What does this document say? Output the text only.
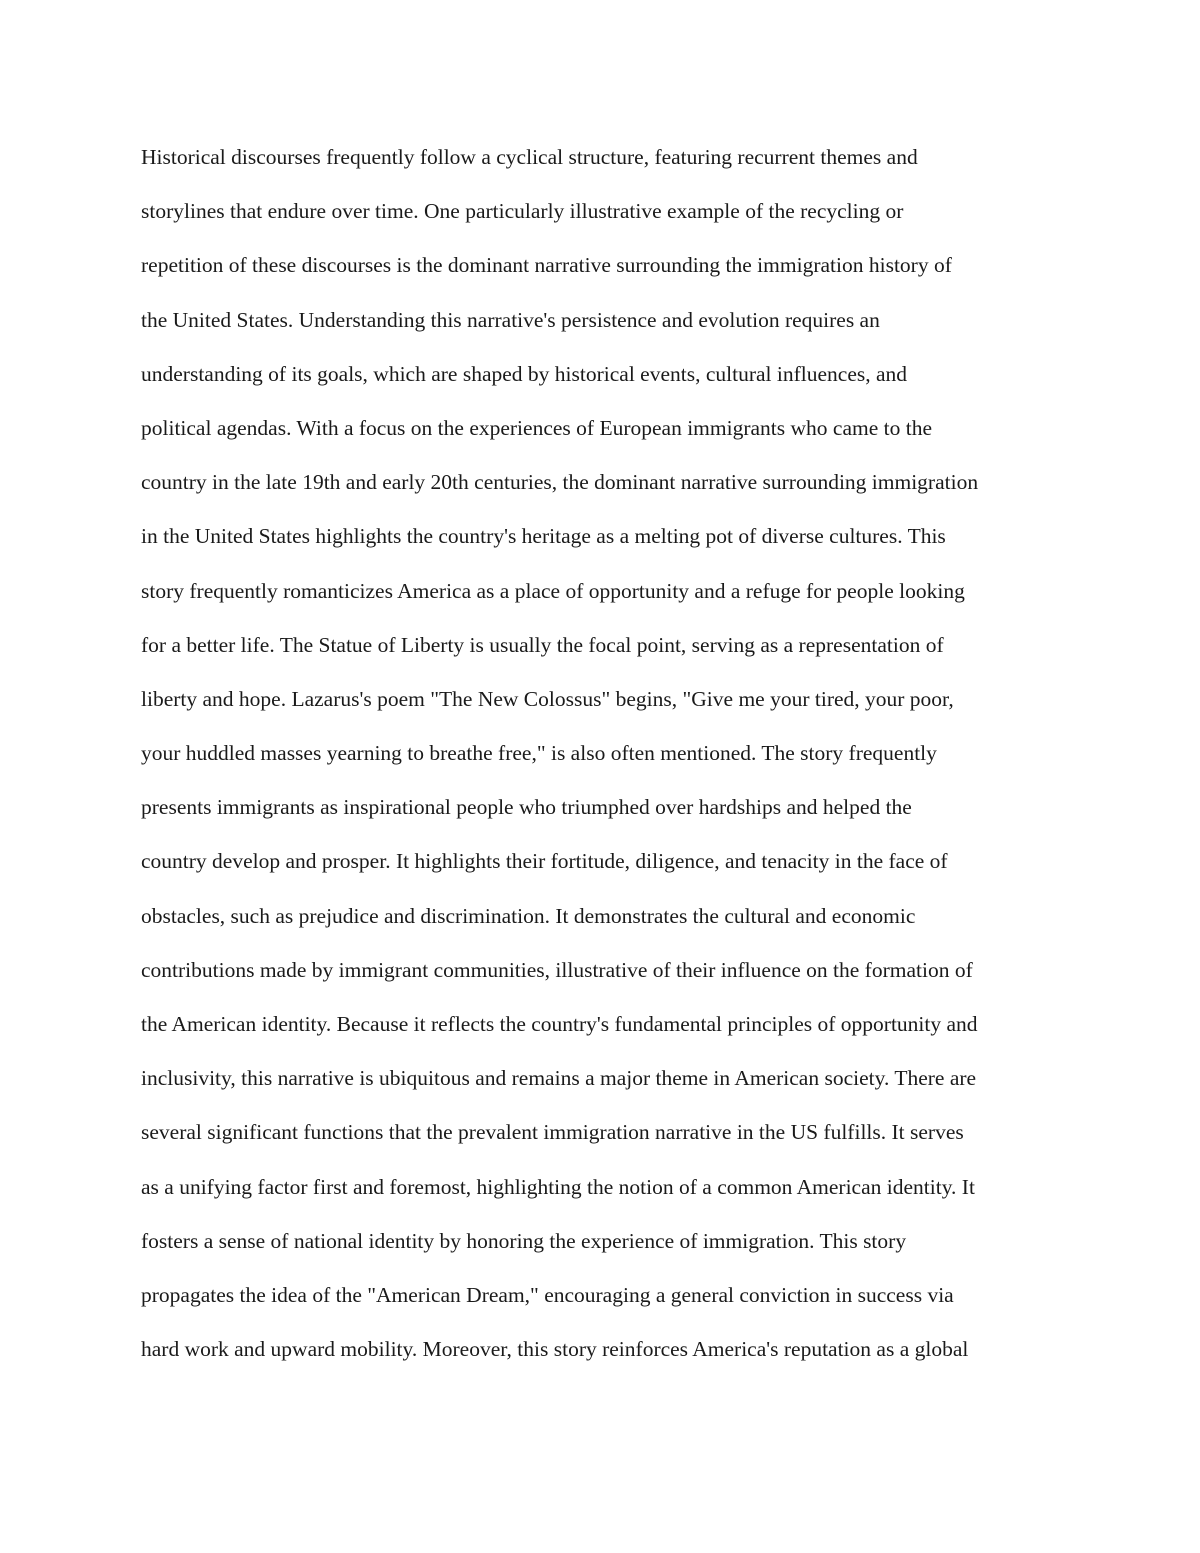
Historical discourses frequently follow a cyclical structure, featuring recurrent themes and
storylines that endure over time. One particularly illustrative example of the recycling or
repetition of these discourses is the dominant narrative surrounding the immigration history of
the United States. Understanding this narrative's persistence and evolution requires an
understanding of its goals, which are shaped by historical events, cultural influences, and
political agendas. With a focus on the experiences of European immigrants who came to the
country in the late 19th and early 20th centuries, the dominant narrative surrounding immigration
in the United States highlights the country's heritage as a melting pot of diverse cultures. This
story frequently romanticizes America as a place of opportunity and a refuge for people looking
for a better life. The Statue of Liberty is usually the focal point, serving as a representation of
liberty and hope. Lazarus's poem "The New Colossus" begins, "Give me your tired, your poor,
your huddled masses yearning to breathe free," is also often mentioned. The story frequently
presents immigrants as inspirational people who triumphed over hardships and helped the
country develop and prosper. It highlights their fortitude, diligence, and tenacity in the face of
obstacles, such as prejudice and discrimination. It demonstrates the cultural and economic
contributions made by immigrant communities, illustrative of their influence on the formation of
the American identity. Because it reflects the country's fundamental principles of opportunity and
inclusivity, this narrative is ubiquitous and remains a major theme in American society. There are
several significant functions that the prevalent immigration narrative in the US fulfills. It serves
as a unifying factor first and foremost, highlighting the notion of a common American identity. It
fosters a sense of national identity by honoring the experience of immigration. This story
propagates the idea of the "American Dream," encouraging a general conviction in success via
hard work and upward mobility. Moreover, this story reinforces America's reputation as a global
